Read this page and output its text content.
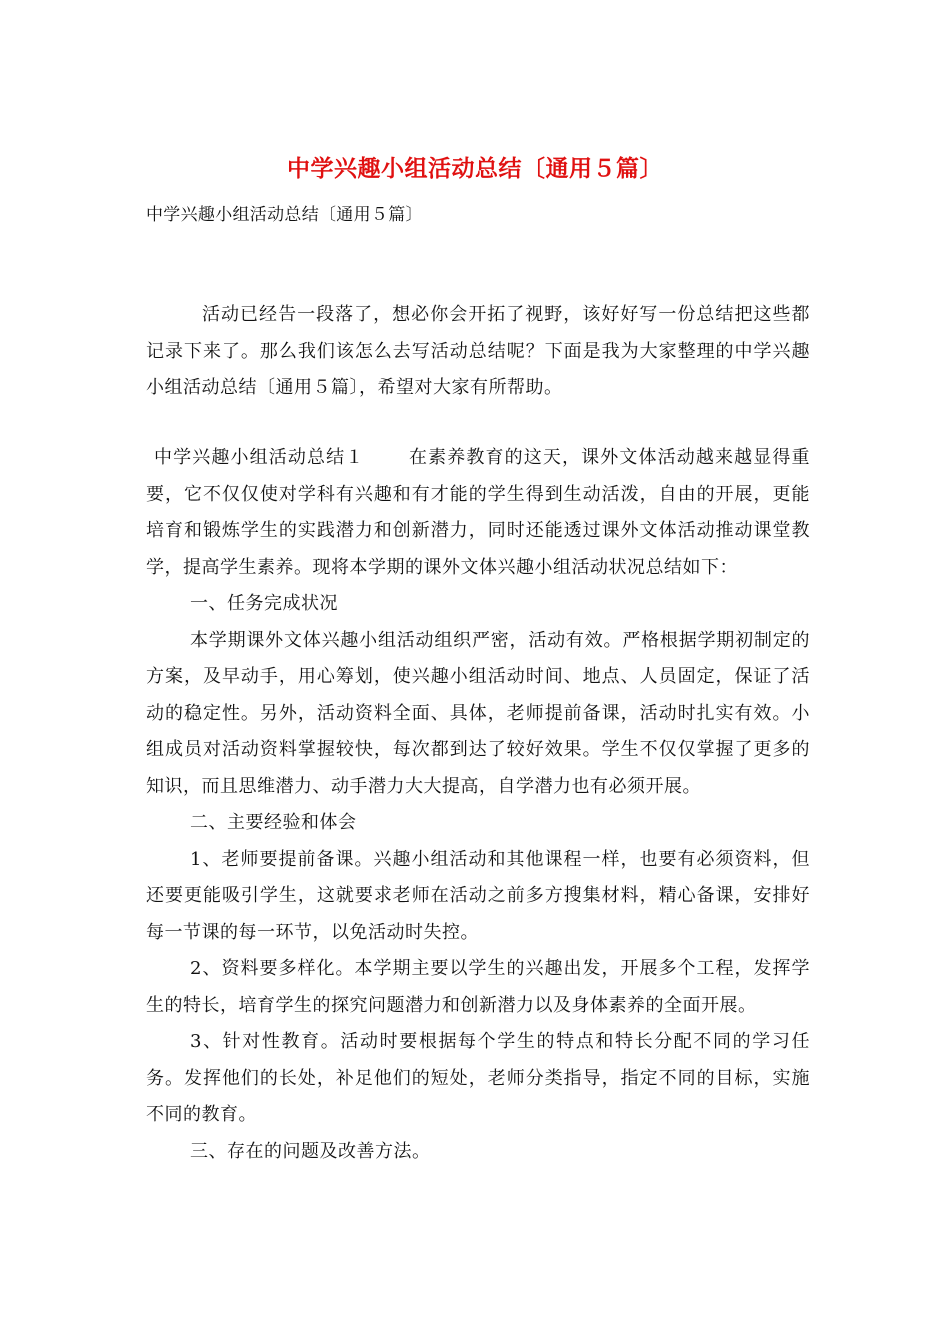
中学兴趣小组活动总结〔通用５篇〕
中学兴趣小组活动总结〔通用５篇〕

活动已经告一段落了，想必你会开拓了视野，该好好写一份总结把这些都记录下来了。那么我们该怎么去写活动总结呢？下面是我为大家整理的中学兴趣小组活动总结〔通用５篇〕，希望对大家有所帮助。

中学兴趣小组活动总结１ 在素养教育的这天，课外文体活动越来越显得重要，它不仅仅使对学科有兴趣和有才能的学生得到生动活泼，自由的开展，更能培育和锻炼学生的实践潜力和创新潜力，同时还能透过课外文体活动推动课堂教学，提高学生素养。现将本学期的课外文体兴趣小组活动状况总结如下：

一、任务完成状况

本学期课外文体兴趣小组活动组织严密，活动有效。严格根据学期初制定的方案，及早动手，用心筹划，使兴趣小组活动时间、地点、人员固定，保证了活动的稳定性。另外，活动资料全面、具体，老师提前备课，活动时扎实有效。小组成员对活动资料掌握较快，每次都到达了较好效果。学生不仅仅掌握了更多的知识，而且思维潜力、动手潜力大大提高，自学潜力也有必须开展。

二、主要经验和体会

1、老师要提前备课。兴趣小组活动和其他课程一样，也要有必须资料，但还要更能吸引学生，这就要求老师在活动之前多方搜集材料，精心备课，安排好每一节课的每一环节，以免活动时失控。

2、资料要多样化。本学期主要以学生的兴趣出发，开展多个工程，发挥学生的特长，培育学生的探究问题潜力和创新潜力以及身体素养的全面开展。

3、针对性教育。活动时要根据每个学生的特点和特长分配不同的学习任务。发挥他们的长处，补足他们的短处，老师分类指导，指定不同的目标，实施不同的教育。

三、存在的问题及改善方法。
